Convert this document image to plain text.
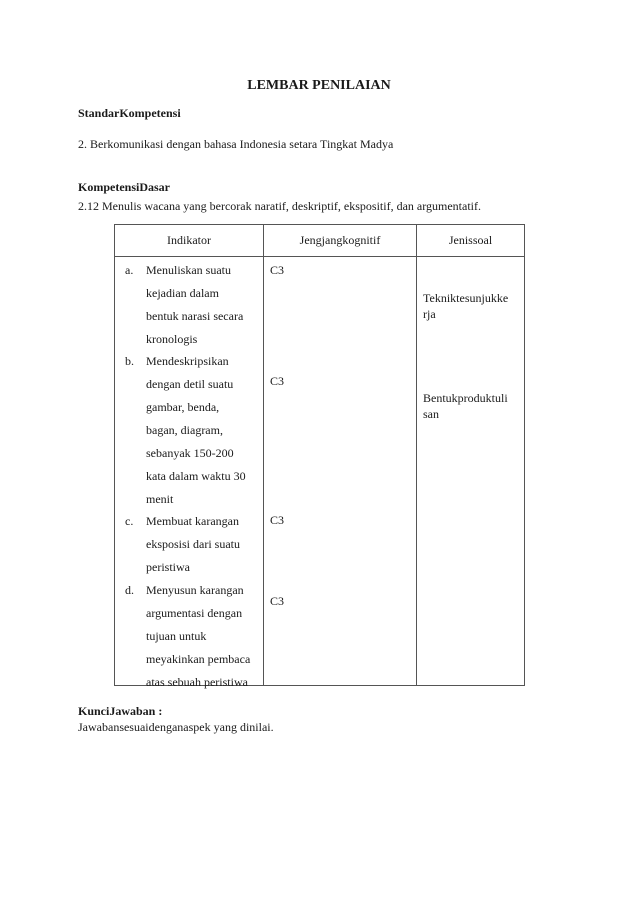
LEMBAR PENILAIAN
StandarKompetensi
2. Berkomunikasi dengan bahasa Indonesia setara Tingkat Madya
KompetensiDasar
2.12 Menulis wacana yang bercorak naratif, deskriptif, ekspositif, dan argumentatif.
Indikator	Jengjangkognitif	Jenissoal
a. Menuliskan suatu
kejadian dalam
bentuk narasi secara
kronologis
b. Mendeskripsikan
dengan detil suatu
gambar, benda,
bagan, diagram,
sebanyak 150-200
kata dalam waktu 30
menit
c. Membuat karangan
eksposisi dari suatu
peristiwa
d. Menyusun karangan
argumentasi dengan
tujuan untuk
meyakinkan pembaca
atas sebuah peristiwa
C3
C3
C3
C3
Tekniktesunjukke
rja
Bentukproduktuli
san
KunciJawaban :
Jawabansesuaidenganaspek yang dinilai.
